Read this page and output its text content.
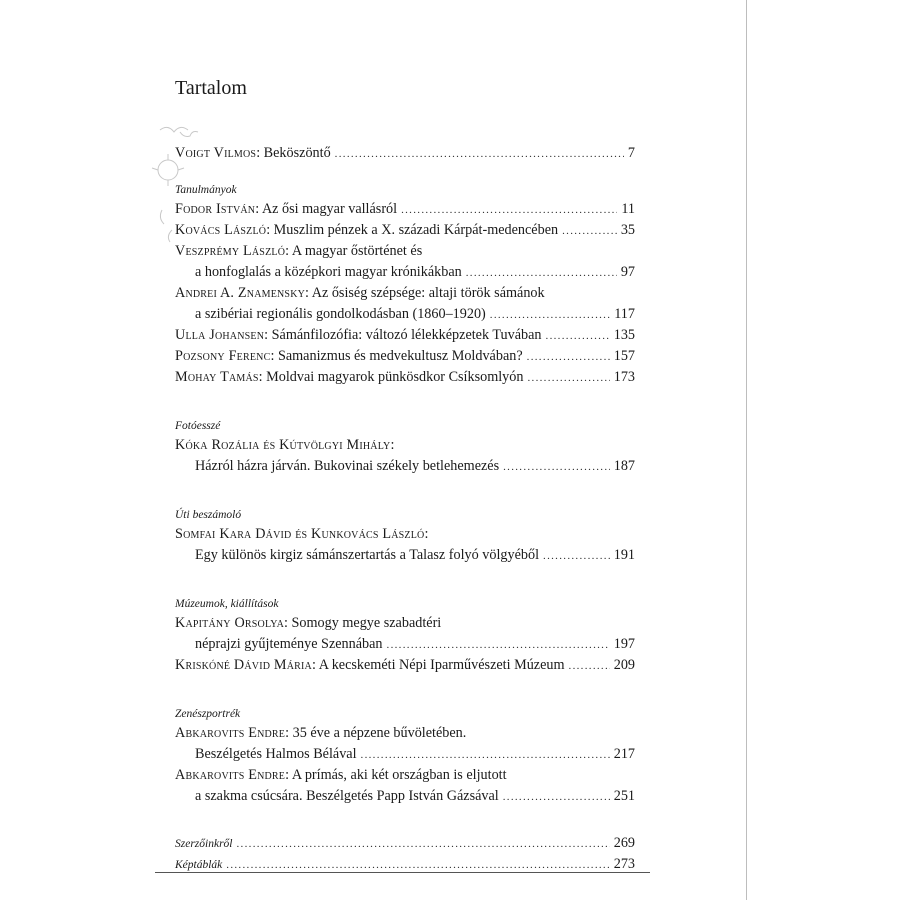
Tartalom
Voigt Vilmos : Beköszöntő .....	7
Tanulmányok
Fodor István : Az ősi magyar vallásról .....	11
Kovács László : Muszlim pénzek a X. századi Kárpát-medencében .....	35
Veszprémy László : A magyar őstörténet és
a honfoglalás a középkori magyar krónikákban .....	97
Andrei A. Znamensky : Az ősiség szépsége: altaji török sámánok
a szibériai regionális gondolkodásban (1860–1920) .....	117
Ulla Johansen : Sámánfilozófia: változó lélekképzetek Tuvában .....	135
Pozsony Ferenc : Samanizmus és medvekultusz Moldvában? .....	157
Mohay Tamás : Moldvai magyarok pünkösdkor Csíksomlyón .....	173
Fotóesszé
Kóka Rozália és Kútvölgyi Mihály :
Házról házra járván. Bukovinai székely betlehemezés .....	187
Úti beszámoló
Somfai Kara Dávid és Kunkovács László :
Egy különös kirgiz sámánszertartás a Talasz folyó völgyéből .....	191
Múzeumok, kiállítások
Kapitány Orsolya : Somogy megye szabadtéri
néprajzi gyűjteménye Szennában .....	197
Kriskóné Dávid Mária : A kecskeméti Népi Iparművészeti Múzeum .....	209
Zenészportrék
Abkarovits Endre : 35 éve a népzene bűvöletében.
Beszélgetés Halmos Bélával .....	217
Abkarovits Endre : A prímás, aki két országban is eljutott
a szakma csúcsára. Beszélgetés Papp István Gázsával .....	251
Szerzőinkről .....	269
Képtáblák .....	273
